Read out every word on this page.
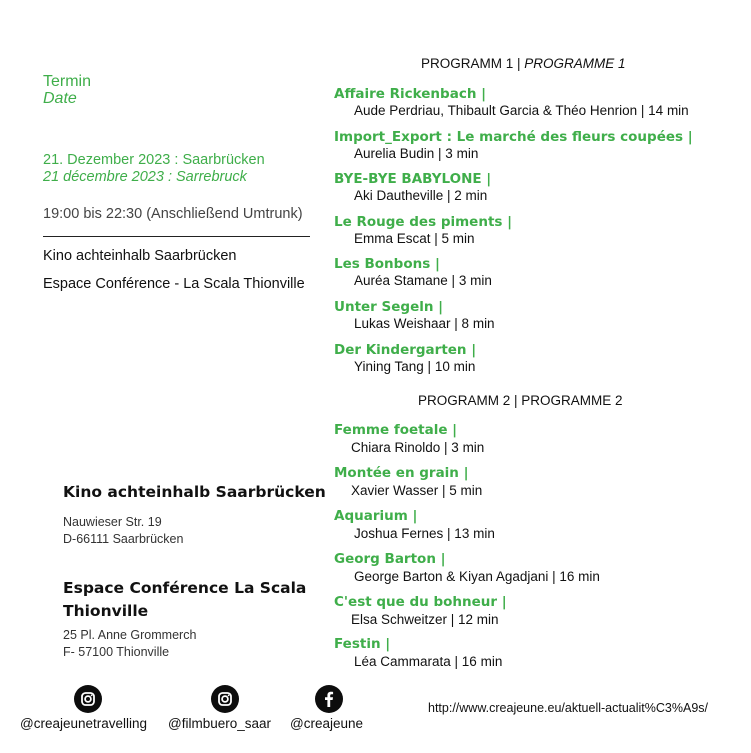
Termin
Date
21. Dezember 2023 : Saarbrücken
21 décembre 2023 : Sarrebruck
19:00 bis 22:30 (Anschließend Umtrunk)
Kino achteinhalb Saarbrücken
Espace Conférence - La Scala Thionville
Kino achteinhalb Saarbrücken
Nauwieser Str. 19
D-66111 Saarbrücken
Espace Conférence La Scala
Thionville
25 Pl. Anne Grommerch
F- 57100 Thionville
PROGRAMM 1 | PROGRAMME 1
Affaire Rickenbach |
Aude Perdriau, Thibault Garcia & Théo Henrion | 14 min
Import_Export : Le marché des fleurs coupées |
Aurelia Budin | 3 min
BYE-BYE BABYLONE |
Aki Dautheville | 2 min
Le Rouge des piments |
Emma Escat | 5 min
Les Bonbons |
Auréa Stamane | 3 min
Unter Segeln |
Lukas Weishaar | 8 min
Der Kindergarten |
Yining Tang | 10 min
PROGRAMM 2 | PROGRAMME 2
Femme foetale |
Chiara Rinoldo | 3 min
Montée en grain |
Xavier Wasser | 5 min
Aquarium |
Joshua Fernes | 13 min
Georg Barton |
George Barton & Kiyan Agadjani | 16 min
C'est que du bohneur |
Elsa Schweitzer | 12 min
Festin |
Léa Cammarata | 16 min
@creajeunetravelling @filmbuero_saar @creajeune
http://www.creajeune.eu/aktuell-actualit%C3%A9s/
